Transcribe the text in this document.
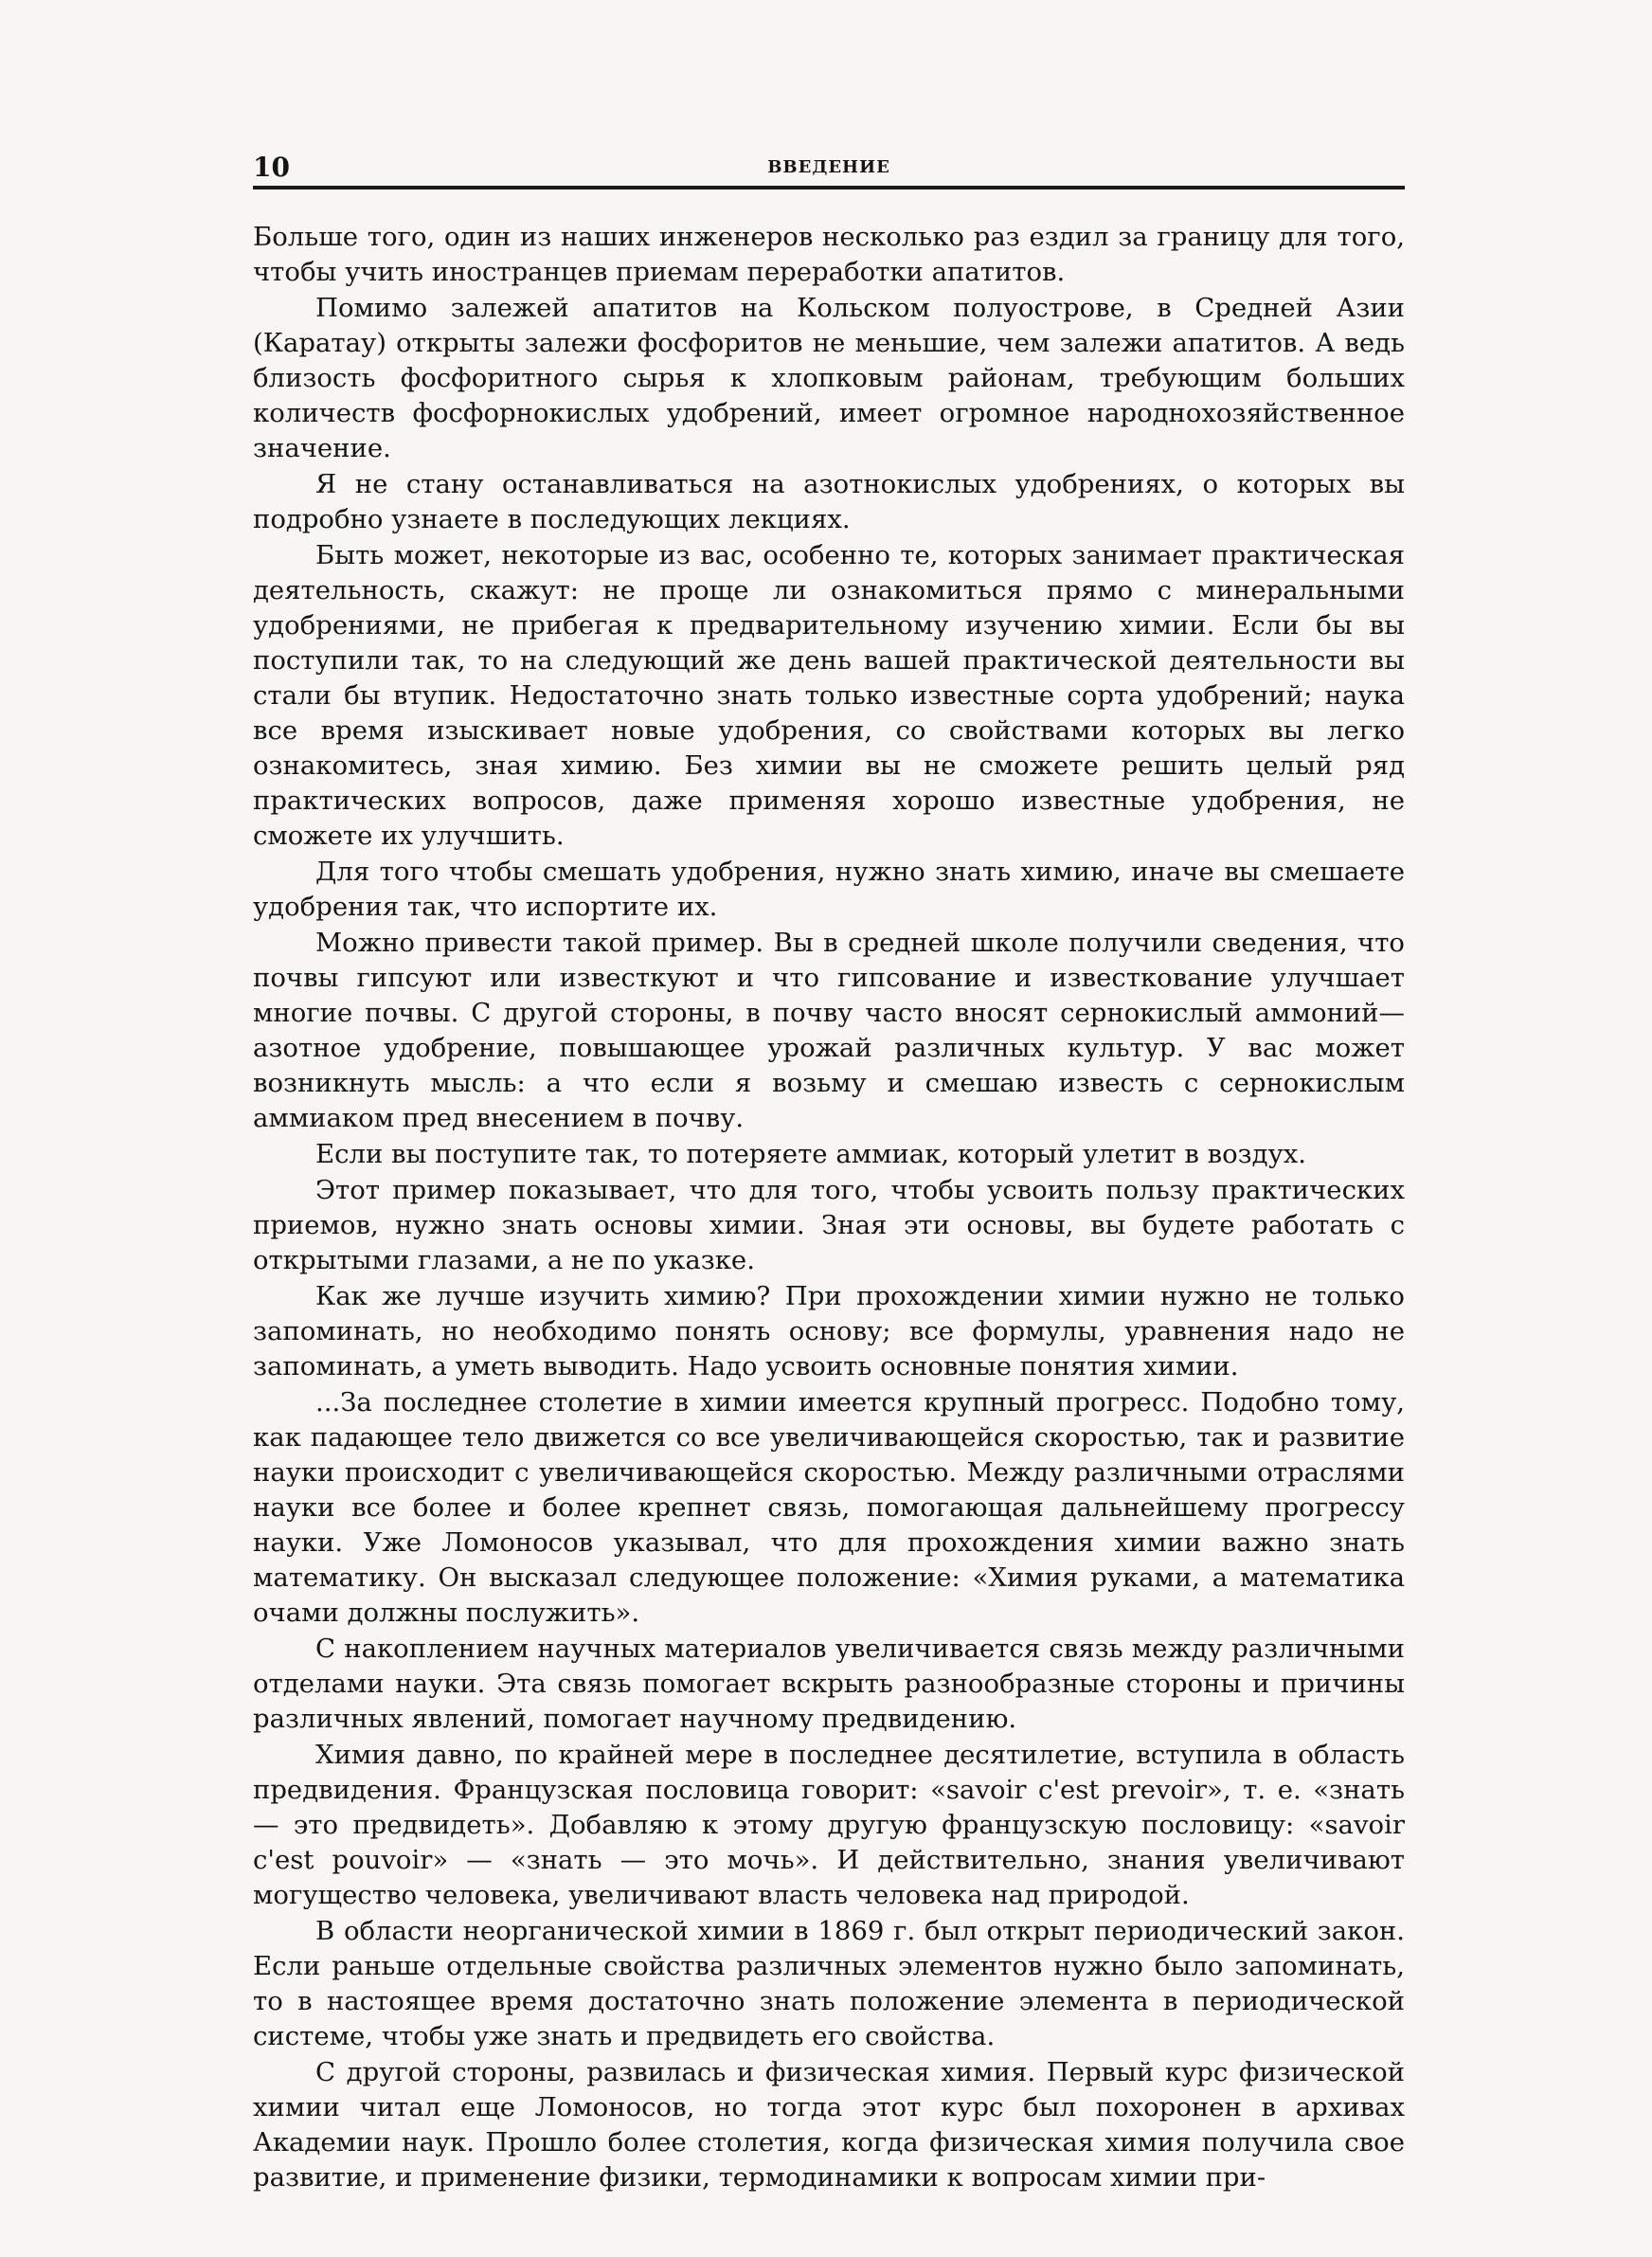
10	ВВЕДЕНИЕ

Больше того, один из наших инженеров несколько раз ездил за границу для того, чтобы учить иностранцев приемам переработки апатитов.

Помимо залежей апатитов на Кольском полуострове, в Средней Азии (Каратау) открыты залежи фосфоритов не меньшие, чем залежи апатитов. А ведь близость фосфоритного сырья к хлопковым районам, требующим больших количеств фосфорнокислых удобрений, имеет огромное народнохозяйственное значение.

Я не стану останавливаться на азотнокислых удобрениях, о которых вы подробно узнаете в последующих лекциях.

Быть может, некоторые из вас, особенно те, которых занимает практическая деятельность, скажут: не проще ли ознакомиться прямо с минеральными удобрениями, не прибегая к предварительному изучению химии. Если бы вы поступили так, то на следующий же день вашей практической деятельности вы стали бы втупик. Недостаточно знать только известные сорта удобрений; наука все время изыскивает новые удобрения, со свойствами которых вы легко ознакомитесь, зная химию. Без химии вы не сможете решить целый ряд практических вопросов, даже применяя хорошо известные удобрения, не сможете их улучшить.

Для того чтобы смешать удобрения, нужно знать химию, иначе вы смешаете удобрения так, что испортите их.

Можно привести такой пример. Вы в средней школе получили сведения, что почвы гипсуют или известкуют и что гипсование и известкование улучшает многие почвы. С другой стороны, в почву часто вносят сернокислый аммоний— азотное удобрение, повышающее урожай различных культур. У вас может возникнуть мысль: а что если я возьму и смешаю известь с сернокислым аммиаком пред внесением в почву.

Если вы поступите так, то потеряете аммиак, который улетит в воздух.

Этот пример показывает, что для того, чтобы усвоить пользу практических приемов, нужно знать основы химии. Зная эти основы, вы будете работать с открытыми глазами, а не по указке.

Как же лучше изучить химию? При прохождении химии нужно не только запоминать, но необходимо понять основу; все формулы, уравнения надо не запоминать, а уметь выводить. Надо усвоить основные понятия химии.

...За последнее столетие в химии имеется крупный прогресс. Подобно тому, как падающее тело движется со все увеличивающейся скоростью, так и развитие науки происходит с увеличивающейся скоростью. Между различными отраслями науки все более и более крепнет связь, помогающая дальнейшему прогрессу науки. Уже Ломоносов указывал, что для прохождения химии важно знать математику. Он высказал следующее положение: «Химия руками, а математика очами должны послужить».

С накоплением научных материалов увеличивается связь между различными отделами науки. Эта связь помогает вскрыть разнообразные стороны и причины различных явлений, помогает научному предвидению.

Химия давно, по крайней мере в последнее десятилетие, вступила в область предвидения. Французская пословица говорит: «savoir c'est prevoir», т. е. «знать — это предвидеть». Добавляю к этому другую французскую пословицу: «savoir c'est pouvoir» — «знать — это мочь». И действительно, знания увеличивают могущество человека, увеличивают власть человека над природой.

В области неорганической химии в 1869 г. был открыт периодический закон. Если раньше отдельные свойства различных элементов нужно было запоминать, то в настоящее время достаточно знать положение элемента в периодической системе, чтобы уже знать и предвидеть его свойства.

С другой стороны, развилась и физическая химия. Первый курс физической химии читал еще Ломоносов, но тогда этот курс был похоронен в архивах Академии наук. Прошло более столетия, когда физическая химия получила свое развитие, и применение физики, термодинамики к вопросам химии при-
